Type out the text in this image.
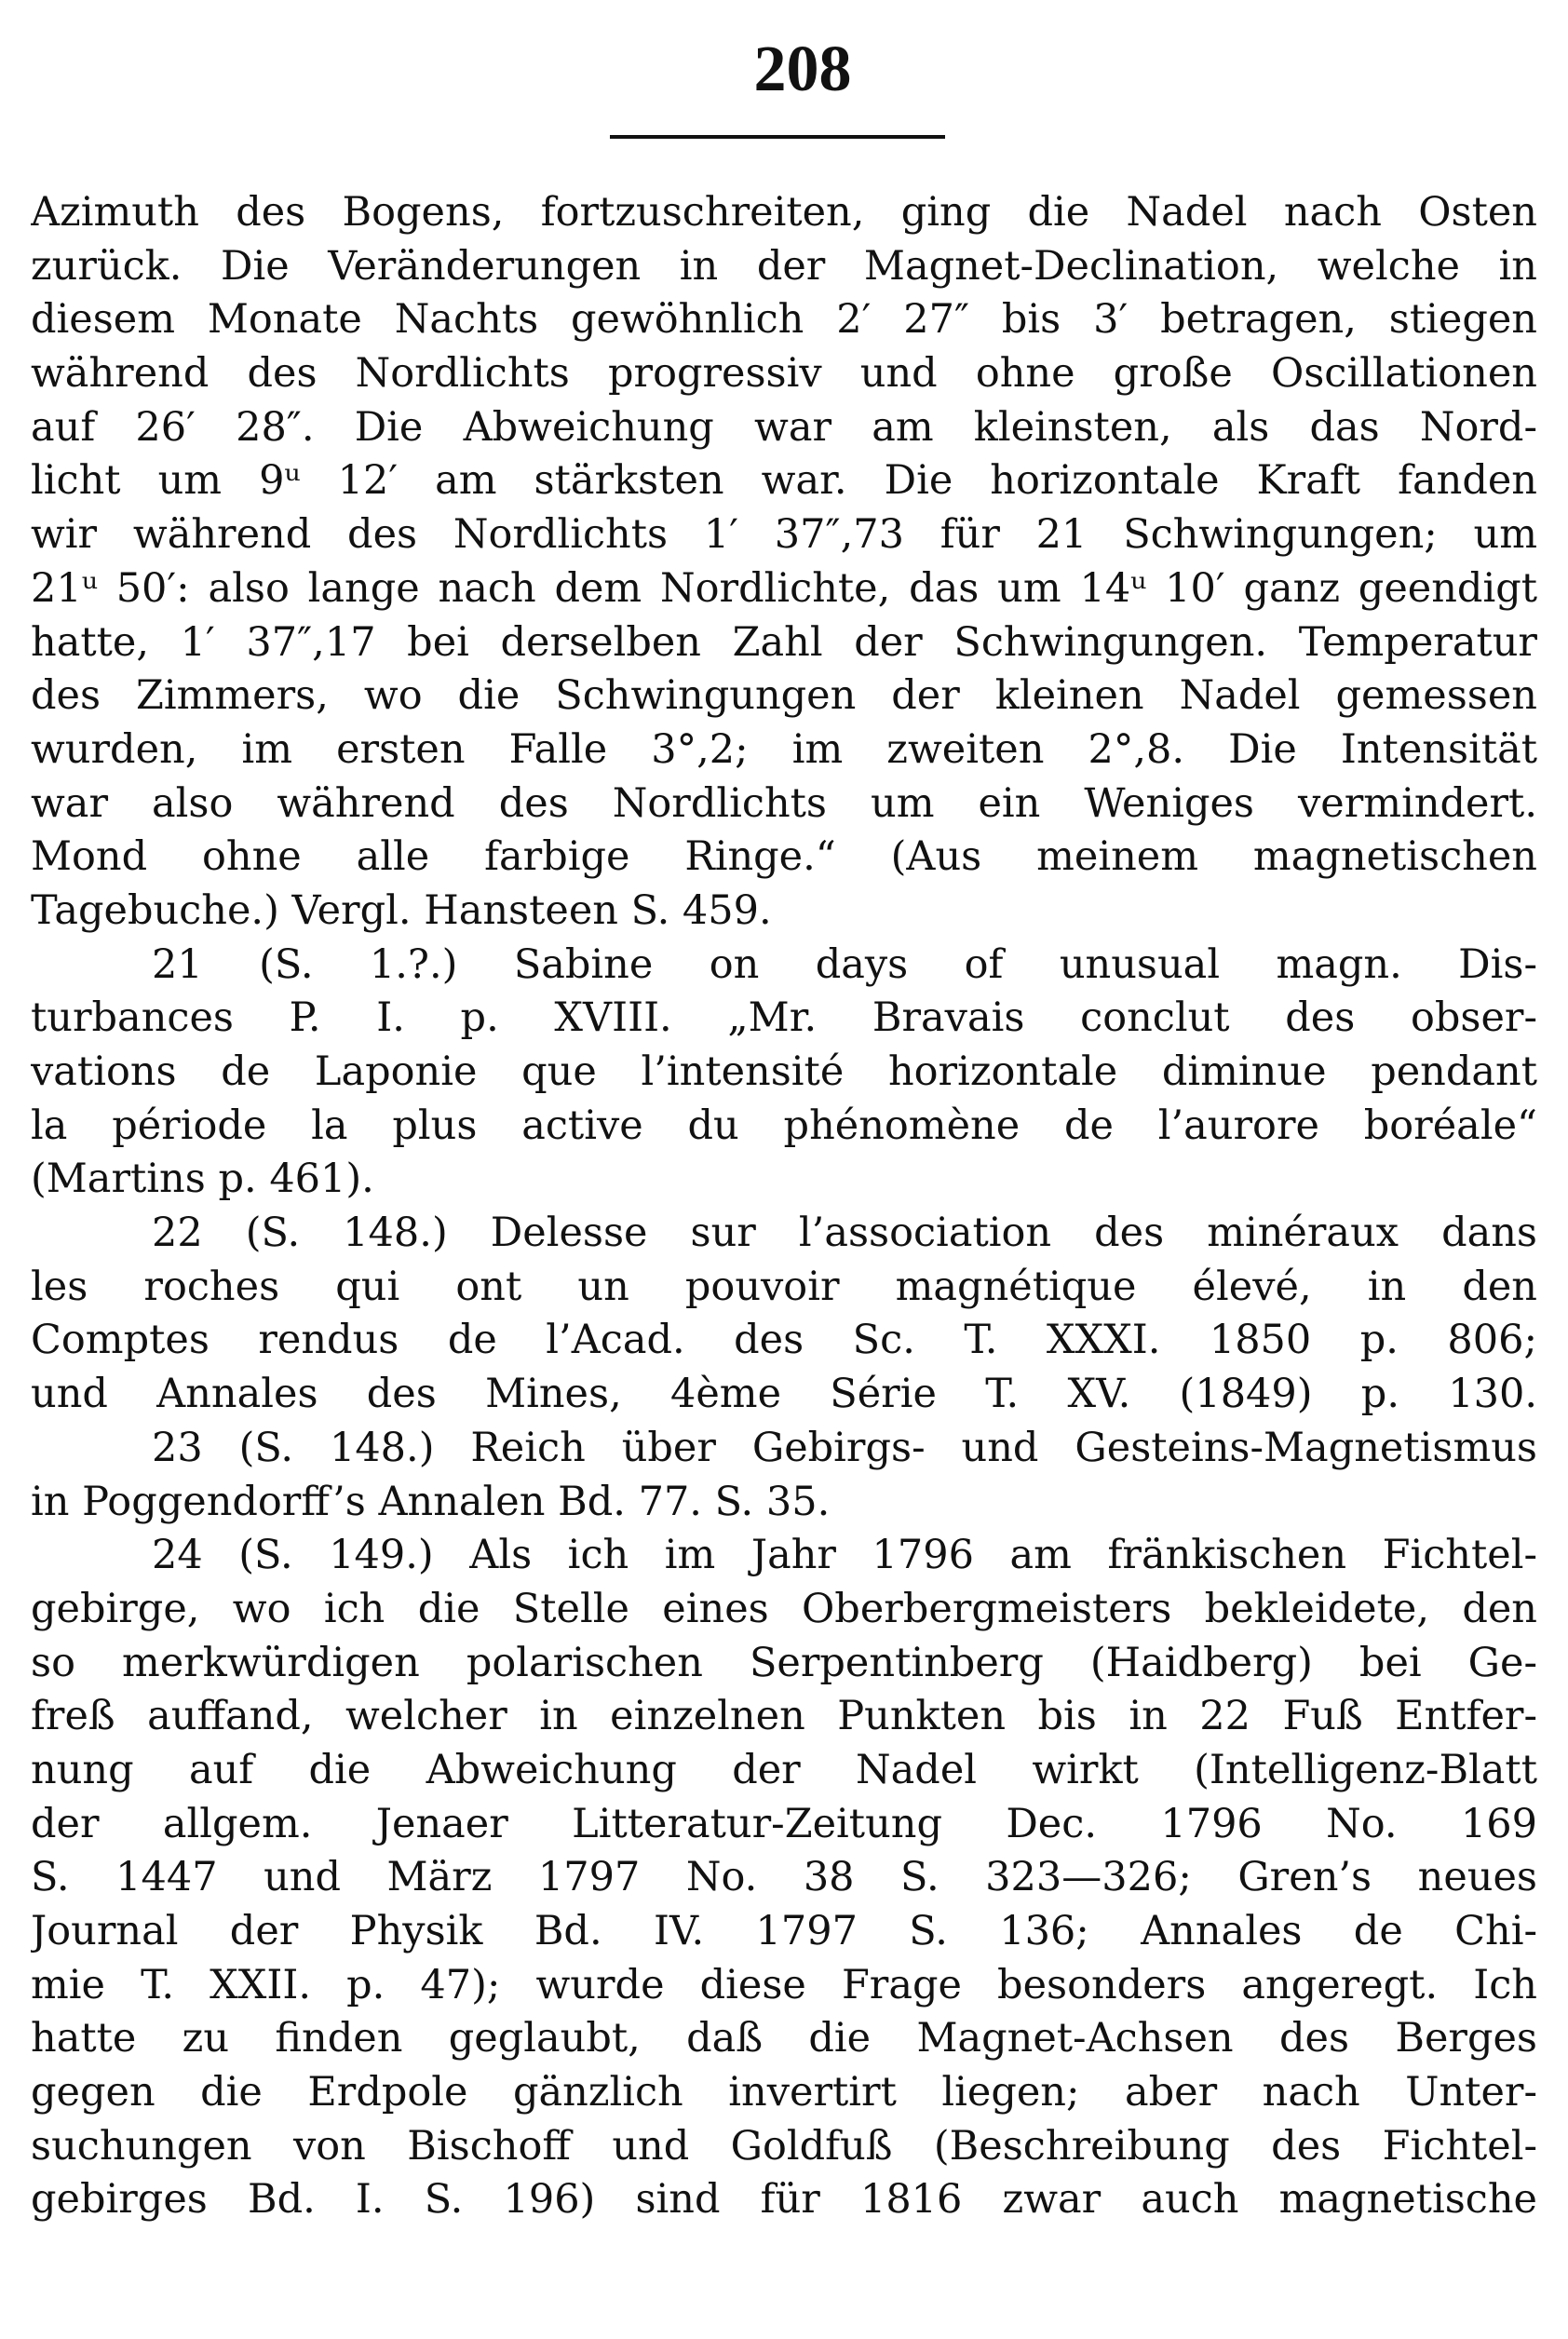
208
Azimuth des Bogens, fortzuschreiten, ging die Nadel nach Osten
zurück. Die Veränderungen in der Magnet-Declination, welche in
diesem Monate Nachts gewöhnlich 2′ 27″ bis 3′ betragen, stiegen
während des Nordlichts progressiv und ohne große Oscillationen
auf 26′ 28″. Die Abweichung war am kleinsten, als das Nord-
licht um 9ᵘ 12′ am stärksten war. Die horizontale Kraft fanden
wir während des Nordlichts 1′ 37″,73 für 21 Schwingungen; um
21ᵘ 50′: also lange nach dem Nordlichte, das um 14ᵘ 10′ ganz geendigt
hatte, 1′ 37″,17 bei derselben Zahl der Schwingungen. Temperatur
des Zimmers, wo die Schwingungen der kleinen Nadel gemessen
wurden, im ersten Falle 3°,2; im zweiten 2°,8. Die Intensität
war also während des Nordlichts um ein Weniges vermindert.
Mond ohne alle farbige Ringe.“ (Aus meinem magnetischen
Tagebuche.) Vergl. Hansteen S. 459.
21 (S. 1.?.) Sabine on days of unusual magn. Dis-
turbances P. I. p. XVIII. „Mr. Bravais conclut des obser-
vations de Laponie que l’intensité horizontale diminue pendant
la période la plus active du phénomène de l’aurore boréale“
(Martins p. 461).
22 (S. 148.) Delesse sur l’association des minéraux dans
les roches qui ont un pouvoir magnétique élevé, in den
Comptes rendus de l’Acad. des Sc. T. XXXI. 1850 p. 806;
und Annales des Mines, 4ème Série T. XV. (1849) p. 130.
23 (S. 148.) Reich über Gebirgs- und Gesteins-Magnetismus
in Poggendorff’s Annalen Bd. 77. S. 35.
24 (S. 149.) Als ich im Jahr 1796 am fränkischen Fichtel-
gebirge, wo ich die Stelle eines Oberbergmeisters bekleidete, den
so merkwürdigen polarischen Serpentinberg (Haidberg) bei Ge-
freß auffand, welcher in einzelnen Punkten bis in 22 Fuß Entfer-
nung auf die Abweichung der Nadel wirkt (Intelligenz-Blatt
der allgem. Jenaer Litteratur-Zeitung Dec. 1796 No. 169
S. 1447 und März 1797 No. 38 S. 323—326; Gren’s neues
Journal der Physik Bd. IV. 1797 S. 136; Annales de Chi-
mie T. XXII. p. 47); wurde diese Frage besonders angeregt. Ich
hatte zu finden geglaubt, daß die Magnet-Achsen des Berges
gegen die Erdpole gänzlich invertirt liegen; aber nach Unter-
suchungen von Bischoff und Goldfuß (Beschreibung des Fichtel-
gebirges Bd. I. S. 196) sind für 1816 zwar auch magnetische
